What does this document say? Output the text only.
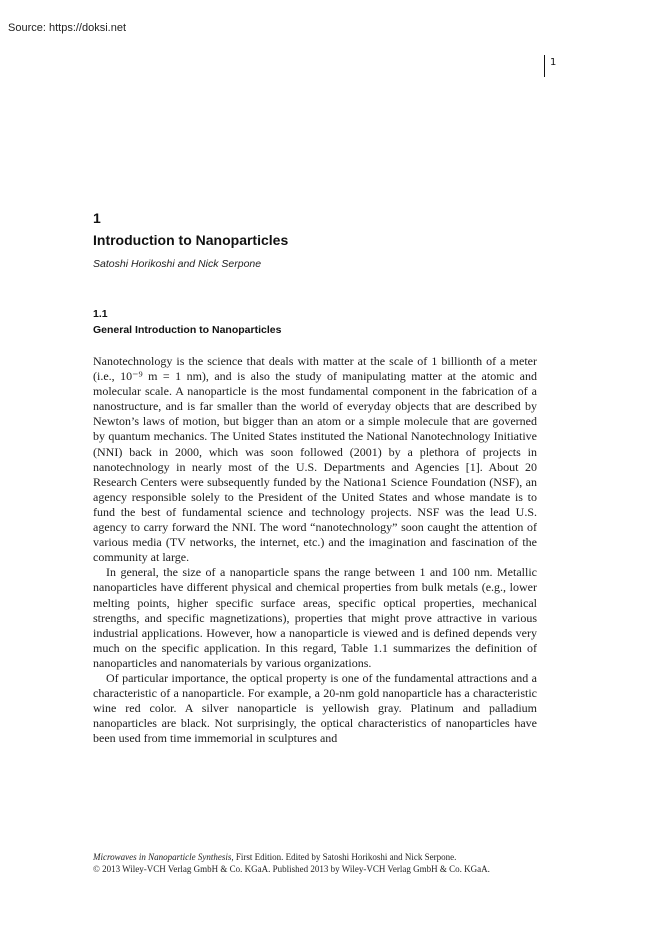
Source: https://doksi.net
1
1
Introduction to Nanoparticles
Satoshi Horikoshi and Nick Serpone
1.1
General Introduction to Nanoparticles

Nanotechnology is the science that deals with matter at the scale of 1 billionth of a meter (i.e., 10⁻⁹ m = 1 nm), and is also the study of manipulating matter at the atomic and molecular scale. A nanoparticle is the most fundamental component in the fabrication of a nanostructure, and is far smaller than the world of everyday objects that are described by Newton’s laws of motion, but bigger than an atom or a simple molecule that are governed by quantum mechanics. The United States instituted the National Nanotechnology Initiative (NNI) back in 2000, which was soon followed (2001) by a plethora of projects in nanotechnology in nearly most of the U.S. Departments and Agencies [1]. About 20 Research Centers were subsequently funded by the Nationa1 Science Foundation (NSF), an agency responsible solely to the President of the United States and whose mandate is to fund the best of fundamental science and technology projects. NSF was the lead U.S. agency to carry forward the NNI. The word “nanotechnology” soon caught the attention of various media (TV networks, the internet, etc.) and the imagination and fascination of the community at large.

In general, the size of a nanoparticle spans the range between 1 and 100 nm. Metallic nanoparticles have different physical and chemical properties from bulk metals (e.g., lower melting points, higher specific surface areas, specific optical properties, mechanical strengths, and specific magnetizations), properties that might prove attractive in various industrial applications. However, how a nanoparticle is viewed and is defined depends very much on the specific application. In this regard, Table 1.1 summarizes the definition of nanoparticles and nanomaterials by various organizations.

Of particular importance, the optical property is one of the fundamental attractions and a characteristic of a nanoparticle. For example, a 20-nm gold nanoparticle has a characteristic wine red color. A silver nanoparticle is yellowish gray. Platinum and palladium nanoparticles are black. Not surprisingly, the optical characteristics of nanoparticles have been used from time immemorial in sculptures and

Microwaves in Nanoparticle Synthesis, First Edition. Edited by Satoshi Horikoshi and Nick Serpone.
© 2013 Wiley-VCH Verlag GmbH & Co. KGaA. Published 2013 by Wiley-VCH Verlag GmbH & Co. KGaA.
